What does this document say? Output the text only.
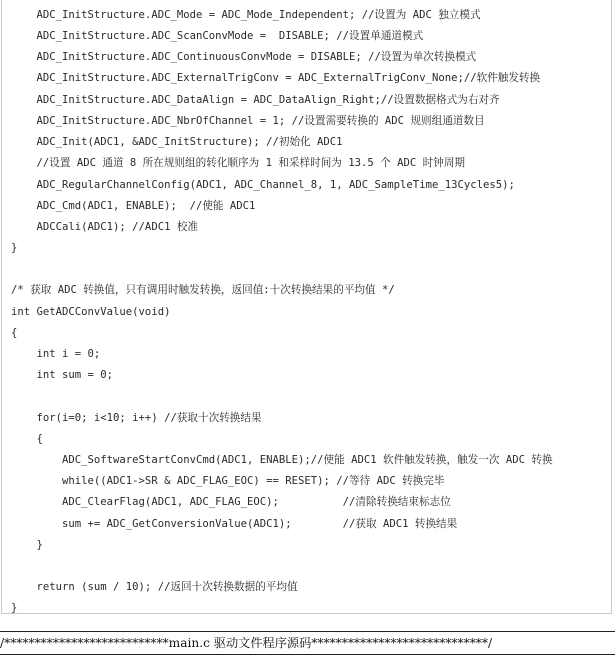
ADC_InitStructure.ADC_Mode = ADC_Mode_Independent; //设置为 ADC 独立模式
ADC_InitStructure.ADC_ScanConvMode =  DISABLE; //设置单通道模式
ADC_InitStructure.ADC_ContinuousConvMode = DISABLE; //设置为单次转换模式
ADC_InitStructure.ADC_ExternalTrigConv = ADC_ExternalTrigConv_None;//软件触发转换
ADC_InitStructure.ADC_DataAlign = ADC_DataAlign_Right;//设置数据格式为右对齐
ADC_InitStructure.ADC_NbrOfChannel = 1; //设置需要转换的 ADC 规则组通道数目
ADC_Init(ADC1, &ADC_InitStructure); //初始化 ADC1
//设置 ADC 通道 8 所在规则组的转化顺序为 1 和采样时间为 13.5 个 ADC 时钟周期
ADC_RegularChannelConfig(ADC1, ADC_Channel_8, 1, ADC_SampleTime_13Cycles5);
ADC_Cmd(ADC1, ENABLE);  //使能 ADC1
ADCCali(ADC1); //ADC1 校准
}
/* 获取 ADC 转换值，只有调用时触发转换，返回值:十次转换结果的平均值 */
int GetADCConvValue(void)
{
int i = 0;
int sum = 0;
for(i=0; i<10; i++) //获取十次转换结果
{
ADC_SoftwareStartConvCmd(ADC1, ENABLE);//使能 ADC1 软件触发转换，触发一次 ADC 转换
while((ADC1->SR & ADC_FLAG_EOC) == RESET); //等待 ADC 转换完毕
ADC_ClearFlag(ADC1, ADC_FLAG_EOC);          //清除转换结束标志位
sum += ADC_GetConversionValue(ADC1);        //获取 ADC1 转换结果
}
return (sum / 10); //返回十次转换数据的平均值
}
/***************************main.c 驱动文件程序源码*****************************/
